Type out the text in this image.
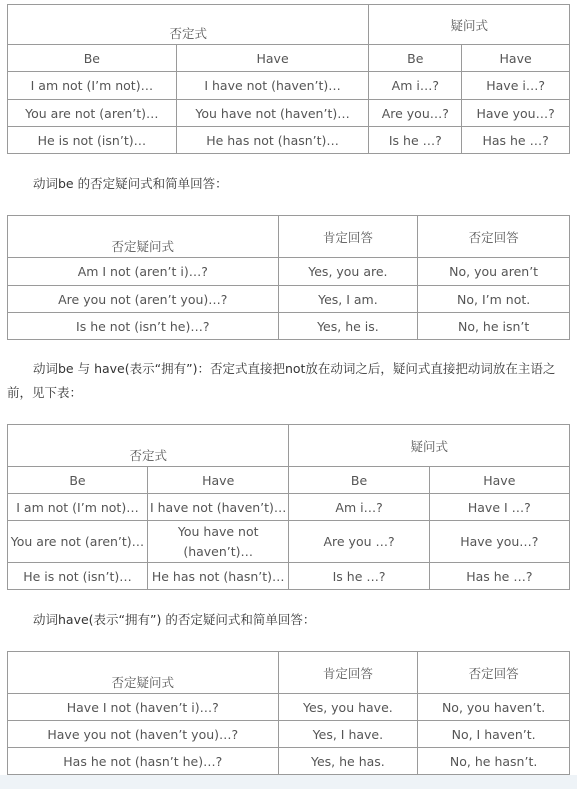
否定式		疑问式	
Be	Have	Be	Have
I am not (I’m not)…	I have not (haven’t)…	Am i…?	Have i…?
You are not (aren’t)…	You have not (haven’t)…	Are you…?	Have you…?
He is not (isn’t)…	He has not (hasn’t)…	Is he …?	Has he …?

动词be 的否定疑问式和简单回答：

否定疑问式	肯定回答	否定回答
Am I not (aren’t i)…?	Yes, you are.	No, you aren’t
Are you not (aren’t you)…?	Yes, I am.	No, I’m not.
Is he not (isn’t he)…?	Yes, he is.	No, he isn’t

动词be 与 have(表示“拥有”)：否定式直接把not放在动词之后，疑问式直接把动词放在主语之前，见下表：

否定式		疑问式	
Be	Have	Be	Have
I am not (I’m not)…	I have not (haven’t)…	Am i…?	Have I …?
You are not (aren’t)…	You have not (haven’t)…	Are you …?	Have you…?
He is not (isn’t)…	He has not (hasn’t)…	Is he …?	Has he …?

动词have(表示“拥有”) 的否定疑问式和简单回答：

否定疑问式	肯定回答	否定回答
Have I not (haven’t i)…?	Yes, you have.	No, you haven’t.
Have you not (haven’t you)…?	Yes, I have.	No, I haven’t.
Has he not (hasn’t he)…?	Yes, he has.	No, he hasn’t.
